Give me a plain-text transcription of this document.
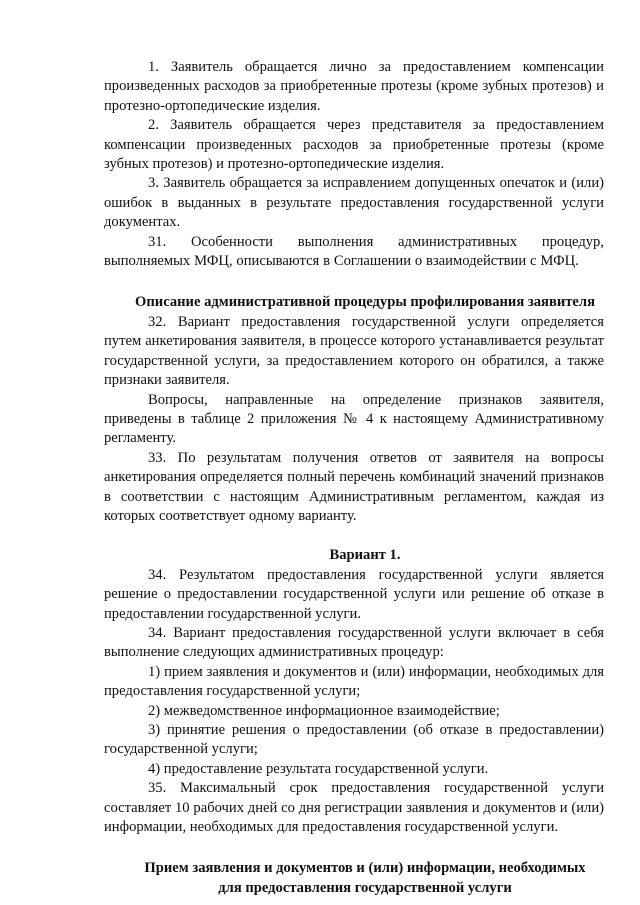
1. Заявитель обращается лично за предоставлением компенсации произведенных расходов за приобретенные протезы (кроме зубных протезов) и протезно-ортопедические изделия.

2. Заявитель обращается через представителя за предоставлением компенсации произведенных расходов за приобретенные протезы (кроме зубных протезов) и протезно-ортопедические изделия.

3. Заявитель обращается за исправлением допущенных опечаток и (или) ошибок в выданных в результате предоставления государственной услуги документах.

31. Особенности выполнения административных процедур, выполняемых МФЦ, описываются в Соглашении о взаимодействии с МФЦ.

Описание административной процедуры профилирования заявителя

32. Вариант предоставления государственной услуги определяется путем анкетирования заявителя, в процессе которого устанавливается результат государственной услуги, за предоставлением которого он обратился, а также признаки заявителя.

Вопросы, направленные на определение признаков заявителя, приведены в таблице 2 приложения № 4 к настоящему Административному регламенту.

33. По результатам получения ответов от заявителя на вопросы анкетирования определяется полный перечень комбинаций значений признаков в соответствии с настоящим Административным регламентом, каждая из которых соответствует одному варианту.

Вариант 1.

34. Результатом предоставления государственной услуги является решение о предоставлении государственной услуги или решение об отказе в предоставлении государственной услуги.

34. Вариант предоставления государственной услуги включает в себя выполнение следующих административных процедур:

1) прием заявления и документов и (или) информации, необходимых для предоставления государственной услуги;

2) межведомственное информационное взаимодействие;

3) принятие решения о предоставлении (об отказе в предоставлении) государственной услуги;

4) предоставление результата государственной услуги.

35. Максимальный срок предоставления государственной услуги составляет 10 рабочих дней со дня регистрации заявления и документов и (или) информации, необходимых для предоставления государственной услуги.

Прием заявления и документов и (или) информации, необходимых для предоставления государственной услуги
